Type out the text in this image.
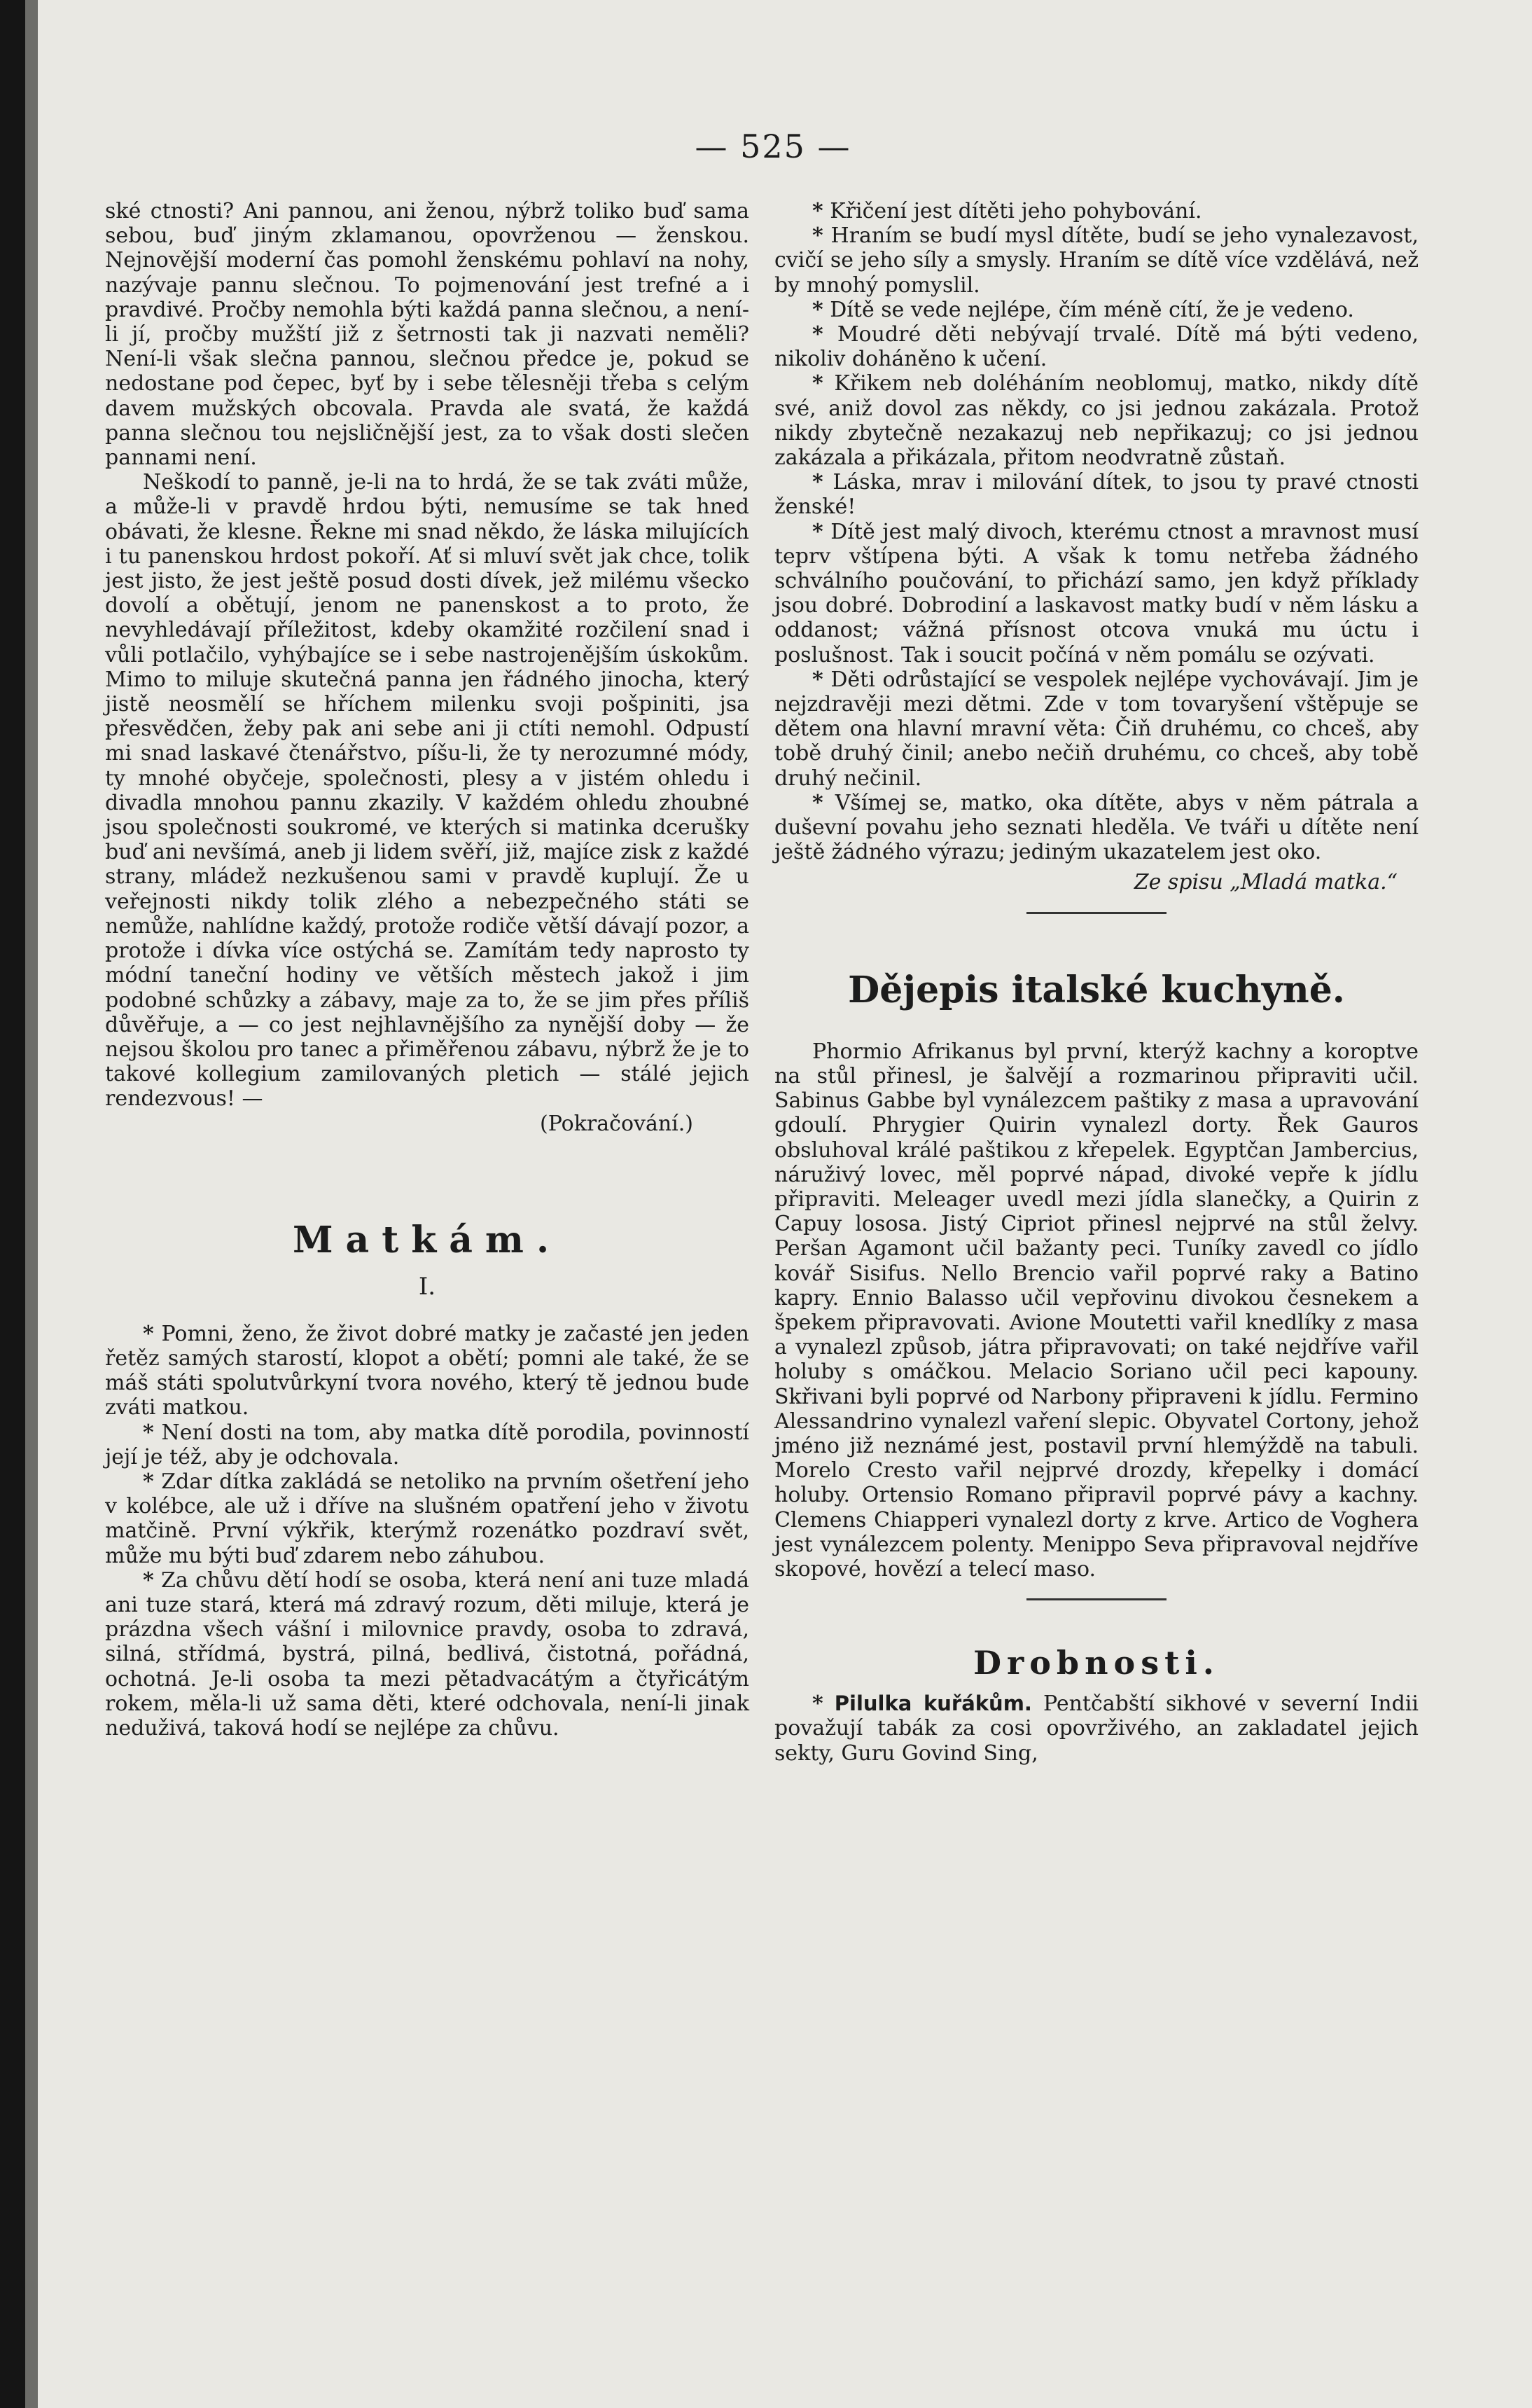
— 525 —

ské ctnosti? Ani pannou, ani ženou, nýbrž toliko buď sama sebou, buď jiným zklamanou, opovrženou — ženskou. Nejnovější moderní čas pomohl ženskému pohlaví na nohy, nazývaje pannu slečnou. To pojmenování jest trefné a i pravdivé. Pročby nemohla býti každá panna slečnou, a není-li jí, pročby mužští již z šetrnosti tak ji nazvati neměli? Není-li však slečna pannou, slečnou předce je, pokud se nedostane pod čepec, byť by i sebe tělesněji třeba s celým davem mužských obcovala. Pravda ale svatá, že každá panna slečnou tou nejsličnější jest, za to však dosti slečen pannami není.

Neškodí to panně, je-li na to hrdá, že se tak zváti může, a může-li v pravdě hrdou býti, nemusíme se tak hned obávati, že klesne. Řekne mi snad někdo, že láska milujících i tu panenskou hrdost pokoří. Ať si mluví svět jak chce, tolik jest jisto, že jest ještě posud dosti dívek, jež milému všecko dovolí a obětují, jenom ne panenskost a to proto, že nevyhledávají příležitost, kdeby okamžité rozčilení snad i vůli potlačilo, vyhýbajíce se i sebe nastrojenějším úskokům. Mimo to miluje skutečná panna jen řádného jinocha, který jistě neosmělí se hříchem milenku svoji pošpiniti, jsa přesvědčen, žeby pak ani sebe ani ji ctíti nemohl. Odpustí mi snad laskavé čtenářstvo, píšu-li, že ty nerozumné módy, ty mnohé obyčeje, společnosti, plesy a v jistém ohledu i divadla mnohou pannu zkazily. V každém ohledu zhoubné jsou společnosti soukromé, ve kterých si matinka dcerušky buď ani nevšímá, aneb ji lidem svěří, již, majíce zisk z každé strany, mládež nezkušenou sami v pravdě kuplují. Že u veřejnosti nikdy tolik zlého a nebezpečného státi se nemůže, nahlídne každý, protože rodiče větší dávají pozor, a protože i dívka více ostýchá se. Zamítám tedy naprosto ty módní taneční hodiny ve větších městech jakož i jim podobné schůzky a zábavy, maje za to, že se jim přes příliš důvěřuje, a — co jest nejhlavnějšího za nynější doby — že nejsou školou pro tanec a přiměřenou zábavu, nýbrž že je to takové kollegium zamilovaných pletich — stálé jejich rendezvous! —

(Pokračování.)

Matkám.
I.

* Pomni, ženo, že život dobré matky je začasté jen jeden řetěz samých starostí, klopot a obětí; pomni ale také, že se máš státi spolutvůrkyní tvora nového, který tě jednou bude zváti matkou.

* Není dosti na tom, aby matka dítě porodila, povinností její je též, aby je odchovala.

* Zdar dítka zakládá se netoliko na prvním ošetření jeho v kolébce, ale už i dříve na slušném opatření jeho v životu matčině. První výkřik, kterýmž rozenátko pozdraví svět, může mu býti buď zdarem nebo záhubou.

* Za chůvu dětí hodí se osoba, která není ani tuze mladá ani tuze stará, která má zdravý rozum, děti miluje, která je prázdna všech vášní i milovnice pravdy, osoba to zdravá, silná, střídmá, bystrá, pilná, bedlivá, čistotná, pořádná, ochotná. Je-li osoba ta mezi pětadvacátým a čtyřicátým rokem, měla-li už sama děti, které odchovala, není-li jinak neduživá, taková hodí se nejlépe za chůvu.

* Křičení jest dítěti jeho pohybování.

* Hraním se budí mysl dítěte, budí se jeho vynalezavost, cvičí se jeho síly a smysly. Hraním se dítě více vzdělává, než by mnohý pomyslil.

* Dítě se vede nejlépe, čím méně cítí, že je vedeno.

* Moudré děti nebývají trvalé. Dítě má býti vedeno, nikoliv doháněno k učení.

* Křikem neb doléháním neoblomuj, matko, nikdy dítě své, aniž dovol zas někdy, co jsi jednou zakázala. Protož nikdy zbytečně nezakazuj neb nepřikazuj; co jsi jednou zakázala a přikázala, přitom neodvratně zůstaň.

* Láska, mrav i milování dítek, to jsou ty pravé ctnosti ženské!

* Dítě jest malý divoch, kterému ctnost a mravnost musí teprv vštípena býti. A však k tomu netřeba žádného schválního poučování, to přichází samo, jen když příklady jsou dobré. Dobrodiní a laskavost matky budí v něm lásku a oddanost; vážná přísnost otcova vnuká mu úctu i poslušnost. Tak i soucit počíná v něm pomálu se ozývati.

* Děti odrůstající se vespolek nejlépe vychovávají. Jim je nejzdravěji mezi dětmi. Zde v tom tovaryšení vštěpuje se dětem ona hlavní mravní věta: Čiň druhému, co chceš, aby tobě druhý činil; anebo nečiň druhému, co chceš, aby tobě druhý nečinil.

* Všímej se, matko, oka dítěte, abys v něm pátrala a duševní povahu jeho seznati hleděla. Ve tváři u dítěte není ještě žádného výrazu; jediným ukazatelem jest oko.

Ze spisu „Mladá matka.“

Dějepis italské kuchyně.

Phormio Afrikanus byl první, kterýž kachny a koroptve na stůl přinesl, je šalvějí a rozmarinou připraviti učil. Sabinus Gabbe byl vynálezcem paštiky z masa a upravování gdoulí. Phrygier Quirin vynalezl dorty. Řek Gauros obsluhoval králé paštikou z křepelek. Egyptčan Jambercius, náruživý lovec, měl poprvé nápad, divoké vepře k jídlu připraviti. Meleager uvedl mezi jídla slanečky, a Quirin z Capuy lososa. Jistý Cipriot přinesl nejprvé na stůl želvy. Peršan Agamont učil bažanty peci. Tuníky zavedl co jídlo kovář Sisifus. Nello Brencio vařil poprvé raky a Batino kapry. Ennio Balasso učil vepřovinu divokou česnekem a špekem připravovati. Avione Moutetti vařil knedlíky z masa a vynalezl způsob, játra připravovati; on také nejdříve vařil holuby s omáčkou. Melacio Soriano učil peci kapouny. Skřivani byli poprvé od Narbony připraveni k jídlu. Fermino Alessandrino vynalezl vaření slepic. Obyvatel Cortony, jehož jméno již neznámé jest, postavil první hlemýždě na tabuli. Morelo Cresto vařil nejprvé drozdy, křepelky i domácí holuby. Ortensio Romano připravil poprvé pávy a kachny. Clemens Chiapperi vynalezl dorty z krve. Artico de Voghera jest vynálezcem polenty. Menippo Seva připravoval nejdříve skopové, hovězí a telecí maso.

Drobnosti.

* Pilulka kuřákům. Pentčabští sikhové v severní Indii považují tabák za cosi opovrživého, an zakladatel jejich sekty, Guru Govind Sing,
